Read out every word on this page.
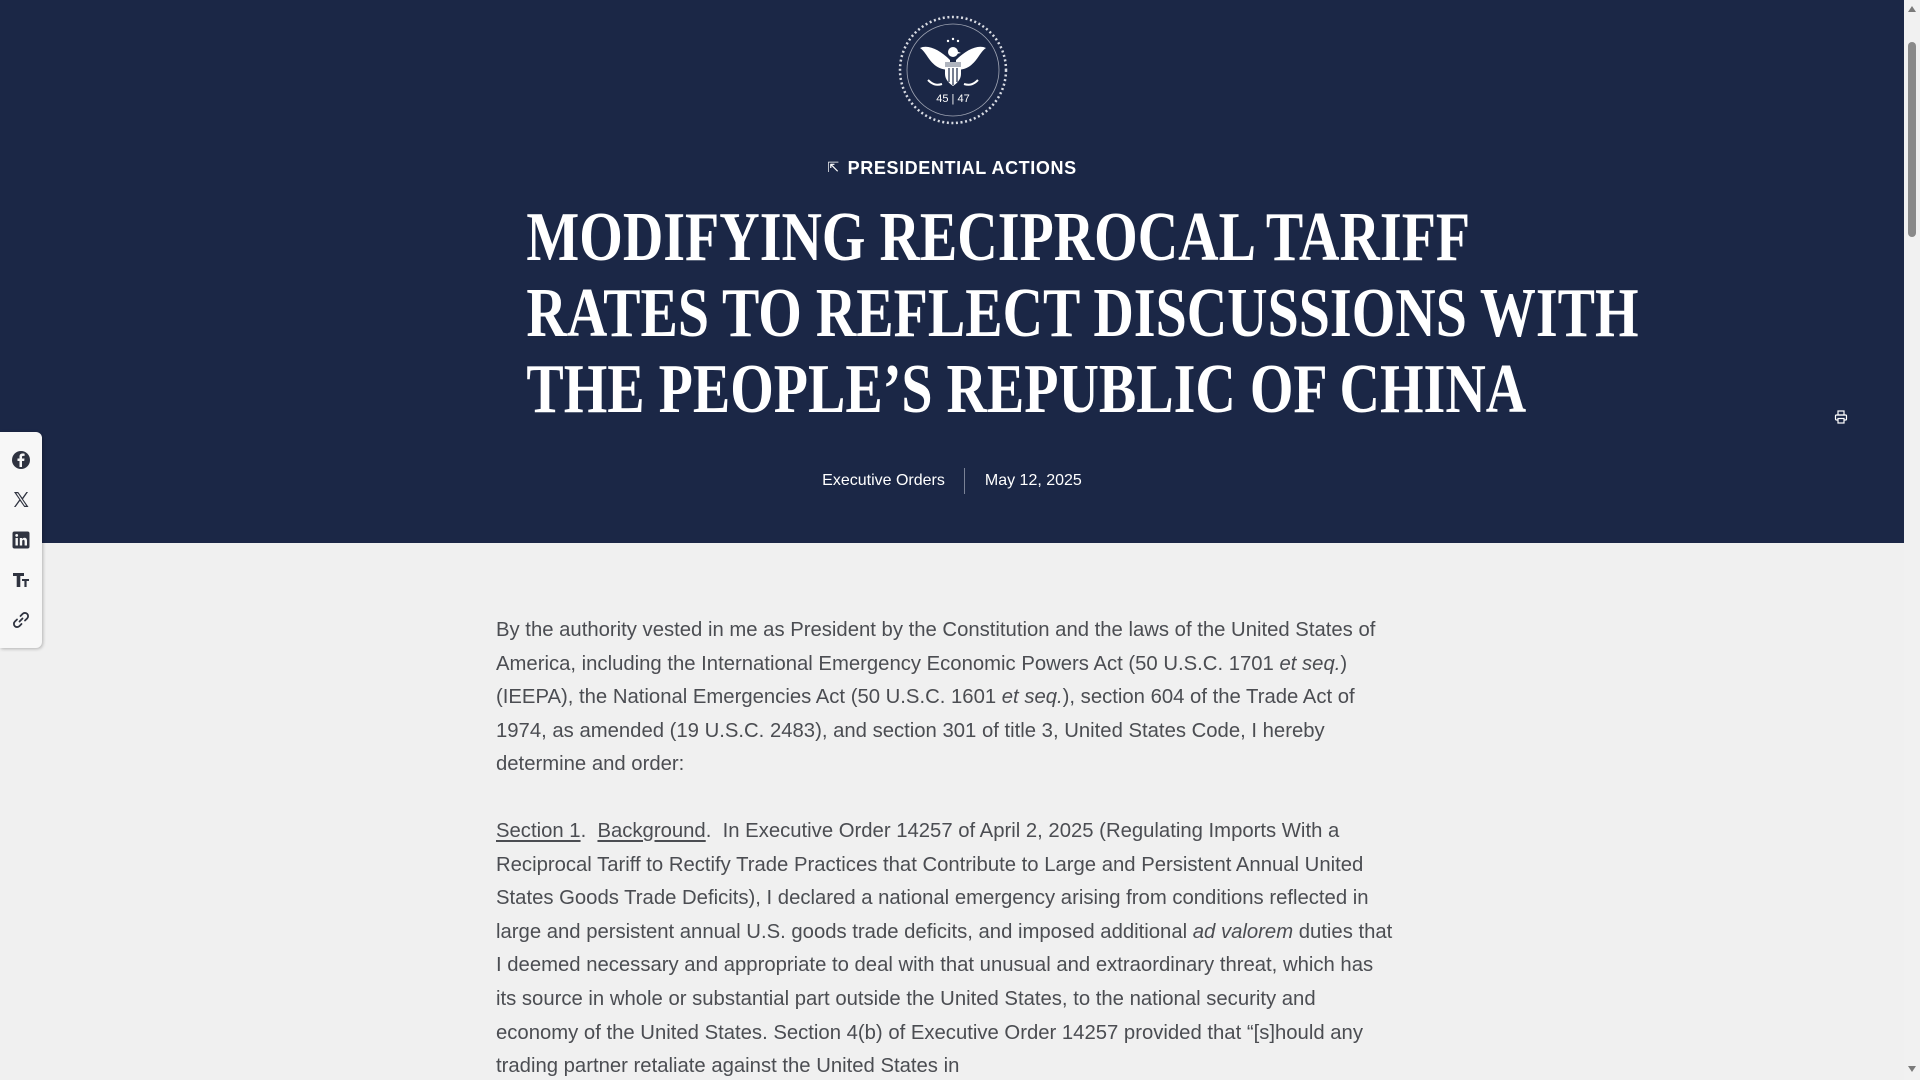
45 | 47
⇱ PRESIDENTIAL ACTIONS
MODIFYING RECIPROCAL TARIFF
RATES TO REFLECT DISCUSSIONS WITH
THE PEOPLE’S REPUBLIC OF CHINA
Executive Orders	May 12, 2025

By the authority vested in me as President by the Constitution and the laws of the United States of America, including the International Emergency Economic Powers Act (50 U.S.C. 1701 et seq.) (IEEPA), the National Emergencies Act (50 U.S.C. 1601 et seq.), section 604 of the Trade Act of 1974, as amended (19 U.S.C. 2483), and section 301 of title 3, United States Code, I hereby determine and order:

Section 1.  Background.  In Executive Order 14257 of April 2, 2025 (Regulating Imports With a Reciprocal Tariff to Rectify Trade Practices that Contribute to Large and Persistent Annual United States Goods Trade Deficits), I declared a national emergency arising from conditions reflected in large and persistent annual U.S. goods trade deficits, and imposed additional ad valorem duties that I deemed necessary and appropriate to deal with that unusual and extraordinary threat, which has its source in whole or substantial part outside the United States, to the national security and economy of the United States. Section 4(b) of Executive Order 14257 provided that “[s]hould any trading partner retaliate against the United States in
